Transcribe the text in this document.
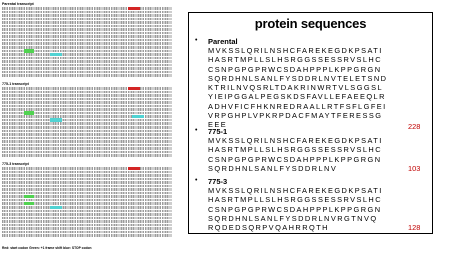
Parental transcript
775-1 transcript
775-3 transcript
Red: start codon Green: +1 frame shift blue: STOP codon
protein sequences
• Parental
MVKSSLQRILNSHCFAREKEGDKPSATI
HASRTMPLLSLHSRGGSSESSRVSLHC
CSNPGPGPRWCSDAHPPPLKPPGRGN
SQRDHNLSANLFYSDDRLNVTELETSND
KTRILNVQSRLTDAKRINWRTVLSGGSL
YIEIPGGALPEGSKDSFAVLLEFAEEQLR
ADHVFICFHKNREDRAALLRTFSFLGFEI
VRPGHPLVPKRPDACFMAYTFERESSG
EEE	228
• 775-1
MVKSSLQRILNSHCFAREKEGDKPSATI
HASRTMPLLSLHSRGGSSESSRVSLHC
CSNPGPGPRWCSDAHPPPLKPPGRGN
SQRDHNLSANLFYSDDRLNV	103
• 775-3
MVKSSLQRILNSHCFAREKEGDKPSATI
HASRTMPLLSLHSRGGSSESSRVSLHC
CSNPGPGPRWCSDAHPPPLKPPGRGN
SQRDHNLSANLFYSDDRLNVRGTNVQ
RQDEDSQRPVQAHRRQTH	128
